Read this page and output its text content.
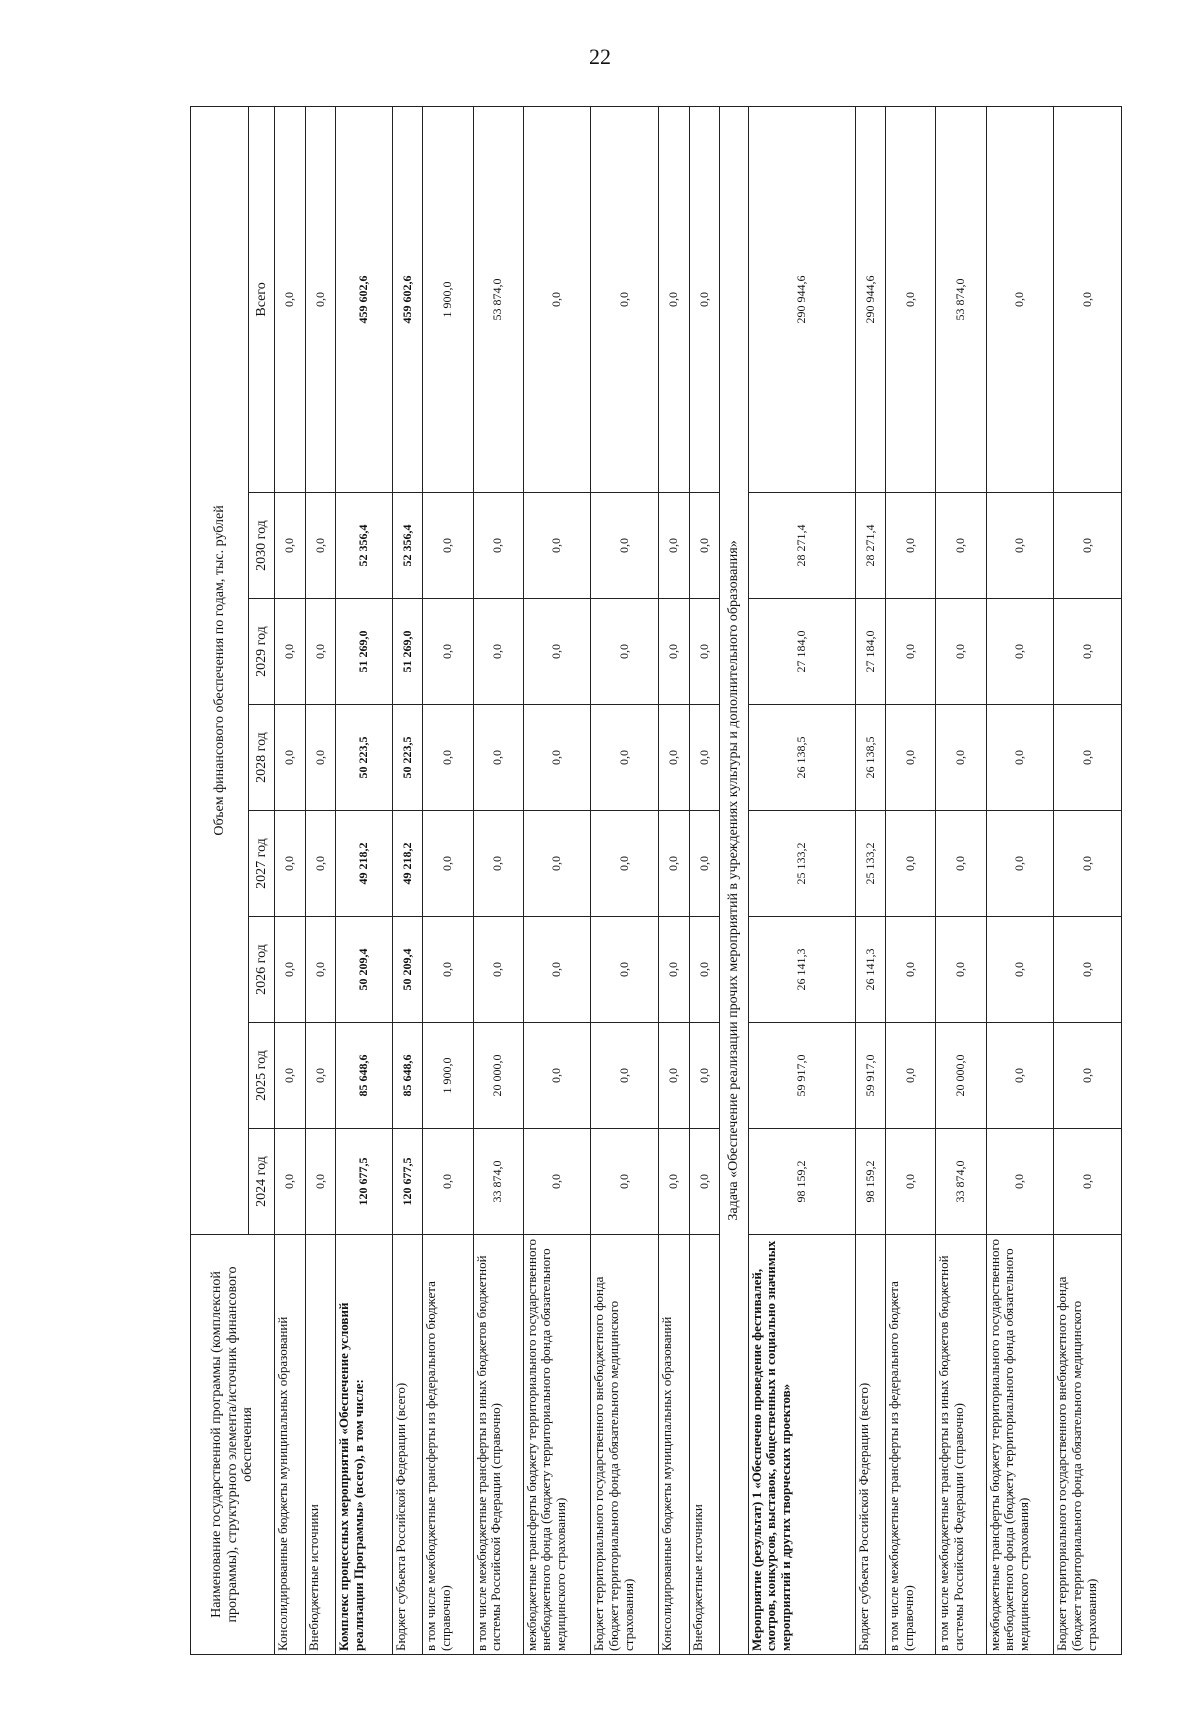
22
Наименование государственной программы (комплексной программы), структурного элемента/источник финансового обеспечения	Объем финансового обеспечения по годам, тыс. рублей							
	2024 год	2025 год	2026 год	2027 год	2028 год	2029 год	2030 год	Всего
Консолидированные бюджеты муниципальных образований	0,0	0,0	0,0	0,0	0,0	0,0	0,0	0,0
Внебюджетные источники	0,0	0,0	0,0	0,0	0,0	0,0	0,0	0,0
Комплекс процессных мероприятий «Обеспечение условий реализации Программы» (всего), в том числе:	120 677,5	85 648,6	50 209,4	49 218,2	50 223,5	51 269,0	52 356,4	459 602,6
Бюджет субъекта Российской Федерации (всего)	120 677,5	85 648,6	50 209,4	49 218,2	50 223,5	51 269,0	52 356,4	459 602,6
в том числе межбюджетные трансферты из федерального бюджета (справочно)	0,0	1 900,0	0,0	0,0	0,0	0,0	0,0	1 900,0
в том числе межбюджетные трансферты из иных бюджетов бюджетной системы Российской Федерации (справочно)	33 874,0	20 000,0	0,0	0,0	0,0	0,0	0,0	53 874,0
межбюджетные трансферты бюджету территориального государственного внебюджетного фонда (бюджету территориального фонда обязательного медицинского страхования)	0,0	0,0	0,0	0,0	0,0	0,0	0,0	0,0
Бюджет территориального государственного внебюджетного фонда (бюджет территориального фонда обязательного медицинского страхования)	0,0	0,0	0,0	0,0	0,0	0,0	0,0	0,0
Консолидированные бюджеты муниципальных образований	0,0	0,0	0,0	0,0	0,0	0,0	0,0	0,0
Внебюджетные источники	0,0	0,0	0,0	0,0	0,0	0,0	0,0	0,0
Задача «Обеспечение реализации прочих мероприятий в учреждениях культуры и дополнительного образования»								
Мероприятие (результат) 1 «Обеспечено проведение фестивалей, смотров, конкурсов, выставок, общественных и социально значимых мероприятий и других творческих проектов»	98 159,2	59 917,0	26 141,3	25 133,2	26 138,5	27 184,0	28 271,4	290 944,6
Бюджет субъекта Российской Федерации (всего)	98 159,2	59 917,0	26 141,3	25 133,2	26 138,5	27 184,0	28 271,4	290 944,6
в том числе межбюджетные трансферты из федерального бюджета (справочно)	0,0	0,0	0,0	0,0	0,0	0,0	0,0	0,0
в том числе межбюджетные трансферты из иных бюджетов бюджетной системы Российской Федерации (справочно)	33 874,0	20 000,0	0,0	0,0	0,0	0,0	0,0	53 874,0
межбюджетные трансферты бюджету территориального государственного внебюджетного фонда (бюджету территориального фонда обязательного медицинского страхования)	0,0	0,0	0,0	0,0	0,0	0,0	0,0	0,0
Бюджет территориального государственного внебюджетного фонда (бюджет территориального фонда обязательного медицинского страхования)	0,0	0,0	0,0	0,0	0,0	0,0	0,0	0,0
